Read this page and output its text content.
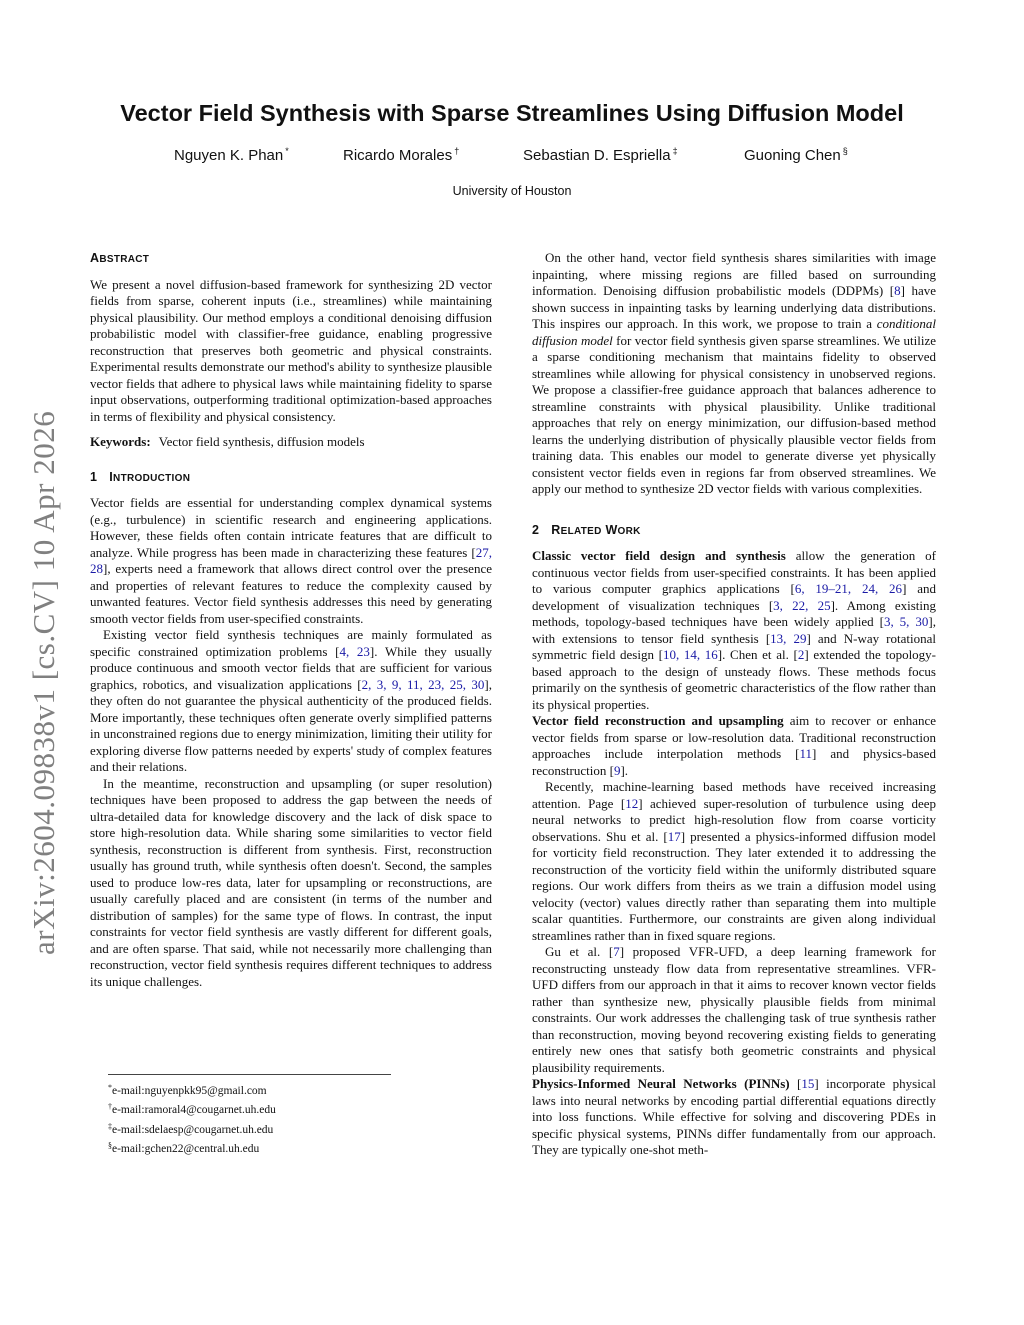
arXiv:2604.09838v1 [cs.CV] 10 Apr 2026
Vector Field Synthesis with Sparse Streamlines Using Diffusion Model
Nguyen K. Phan *	Ricardo Morales †	Sebastian D. Espriella ‡	Guoning Chen §
University of Houston
ABSTRACT

We present a novel diffusion-based framework for synthesizing 2D vector fields from sparse, coherent inputs (i.e., streamlines) while maintaining physical plausibility. Our method employs a conditional denoising diffusion probabilistic model with classifier-free guidance, enabling progressive reconstruction that preserves both geometric and physical constraints. Experimental results demonstrate our method's ability to synthesize plausible vector fields that adhere to physical laws while maintaining fidelity to sparse input observations, outperforming traditional optimization-based approaches in terms of flexibility and physical consistency.

Keywords: Vector field synthesis, diffusion models

1 INTRODUCTION

Vector fields are essential for understanding complex dynamical systems (e.g., turbulence) in scientific research and engineering applications. However, these fields often contain intricate features that are difficult to analyze. While progress has been made in characterizing these features [27, 28], experts need a framework that allows direct control over the presence and properties of relevant features to reduce the complexity caused by unwanted features. Vector field synthesis addresses this need by generating smooth vector fields from user-specified constraints.

Existing vector field synthesis techniques are mainly formulated as specific constrained optimization problems [4, 23]. While they usually produce continuous and smooth vector fields that are sufficient for various graphics, robotics, and visualization applications [2, 3, 9, 11, 23, 25, 30], they often do not guarantee the physical authenticity of the produced fields. More importantly, these techniques often generate overly simplified patterns in unconstrained regions due to energy minimization, limiting their utility for exploring diverse flow patterns needed by experts' study of complex features and their relations.

In the meantime, reconstruction and upsampling (or super resolution) techniques have been proposed to address the gap between the needs of ultra-detailed data for knowledge discovery and the lack of disk space to store high-resolution data. While sharing some similarities to vector field synthesis, reconstruction is different from synthesis. First, reconstruction usually has ground truth, while synthesis often doesn't. Second, the samples used to produce low-res data, later for upsampling or reconstructions, are usually carefully placed and are consistent (in terms of the number and distribution of samples) for the same type of flows. In contrast, the input constraints for vector field synthesis are vastly different for different goals, and are often sparse. That said, while not necessarily more challenging than reconstruction, vector field synthesis requires different techniques to address its unique challenges.

*e-mail:nguyenpkk95@gmail.com
†e-mail:ramoral4@cougarnet.uh.edu
‡e-mail:sdelaesp@cougarnet.uh.edu
§e-mail:gchen22@central.uh.edu

On the other hand, vector field synthesis shares similarities with image inpainting, where missing regions are filled based on surrounding information. Denoising diffusion probabilistic models (DDPMs) [8] have shown success in inpainting tasks by learning underlying data distributions. This inspires our approach. In this work, we propose to train a conditional diffusion model for vector field synthesis given sparse streamlines. We utilize a sparse conditioning mechanism that maintains fidelity to observed streamlines while allowing for physical consistency in unobserved regions. We propose a classifier-free guidance approach that balances adherence to streamline constraints with physical plausibility. Unlike traditional approaches that rely on energy minimization, our diffusion-based method learns the underlying distribution of physically plausible vector fields from training data. This enables our model to generate diverse yet physically consistent vector fields even in regions far from observed streamlines. We apply our method to synthesize 2D vector fields with various complexities.

2 RELATED WORK

Classic vector field design and synthesis allow the generation of continuous vector fields from user-specified constraints. It has been applied to various computer graphics applications [6, 19–21, 24, 26] and development of visualization techniques [3, 22, 25]. Among existing methods, topology-based techniques have been widely applied [3, 5, 30], with extensions to tensor field synthesis [13, 29] and N-way rotational symmetric field design [10, 14, 16]. Chen et al. [2] extended the topology-based approach to the design of unsteady flows. These methods focus primarily on the synthesis of geometric characteristics of the flow rather than its physical properties.

Vector field reconstruction and upsampling aim to recover or enhance vector fields from sparse or low-resolution data. Traditional reconstruction approaches include interpolation methods [11] and physics-based reconstruction [9].

Recently, machine-learning based methods have received increasing attention. Page [12] achieved super-resolution of turbulence using deep neural networks to predict high-resolution flow from coarse vorticity observations. Shu et al. [17] presented a physics-informed diffusion model for vorticity field reconstruction. They later extended it to addressing the reconstruction of the vorticity field within the uniformly distributed square regions. Our work differs from theirs as we train a diffusion model using velocity (vector) values directly rather than separating them into multiple scalar quantities. Furthermore, our constraints are given along individual streamlines rather than in fixed square regions.

Gu et al. [7] proposed VFR-UFD, a deep learning framework for reconstructing unsteady flow data from representative streamlines. VFR-UFD differs from our approach in that it aims to recover known vector fields rather than synthesize new, physically plausible fields from minimal constraints. Our work addresses the challenging task of true synthesis rather than reconstruction, moving beyond recovering existing fields to generating entirely new ones that satisfy both geometric constraints and physical plausibility requirements.

Physics-Informed Neural Networks (PINNs) [15] incorporate physical laws into neural networks by encoding partial differential equations directly into loss functions. While effective for solving and discovering PDEs in specific physical systems, PINNs differ fundamentally from our approach. They are typically one-shot meth-
